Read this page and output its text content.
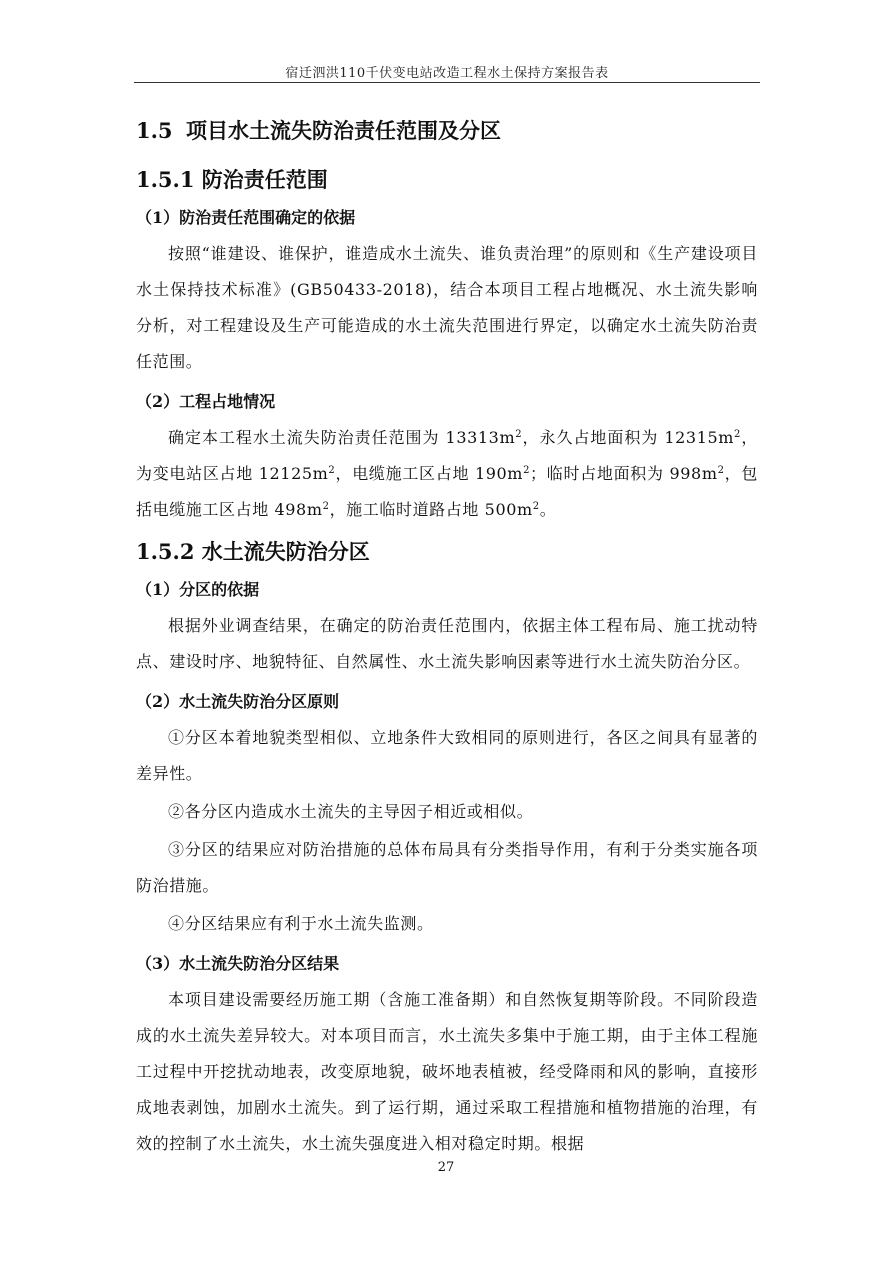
宿迁泗洪110千伏变电站改造工程水土保持方案报告表
1.5 项目水土流失防治责任范围及分区
1.5.1 防治责任范围
（1）防治责任范围确定的依据

按照“谁建设、谁保护，谁造成水土流失、谁负责治理”的原则和《生产建设项目水土保持技术标准》(GB50433-2018)，结合本项目工程占地概况、水土流失影响分析，对工程建设及生产可能造成的水土流失范围进行界定，以确定水土流失防治责任范围。

（2）工程占地情况

确定本工程水土流失防治责任范围为 $13313m^2$，永久占地面积为 $12315m^2$，为变电站区占地 $12125m^2$，电缆施工区占地 $190m^2$；临时占地面积为 $998m^2$，包括电缆施工区占地 $498m^2$，施工临时道路占地 $500m^2$。

1.5.2 水土流失防治分区
（1）分区的依据

根据外业调查结果，在确定的防治责任范围内，依据主体工程布局、施工扰动特点、建设时序、地貌特征、自然属性、水土流失影响因素等进行水土流失防治分区。

（2）水土流失防治分区原则

①分区本着地貌类型相似、立地条件大致相同的原则进行，各区之间具有显著的差异性。

②各分区内造成水土流失的主导因子相近或相似。

③分区的结果应对防治措施的总体布局具有分类指导作用，有利于分类实施各项防治措施。

④分区结果应有利于水土流失监测。

（3）水土流失防治分区结果

本项目建设需要经历施工期（含施工准备期）和自然恢复期等阶段。不同阶段造成的水土流失差异较大。对本项目而言，水土流失多集中于施工期，由于主体工程施工过程中开挖扰动地表，改变原地貌，破坏地表植被，经受降雨和风的影响，直接形成地表剥蚀，加剧水土流失。到了运行期，通过采取工程措施和植物措施的治理，有效的控制了水土流失，水土流失强度进入相对稳定时期。根据

27
